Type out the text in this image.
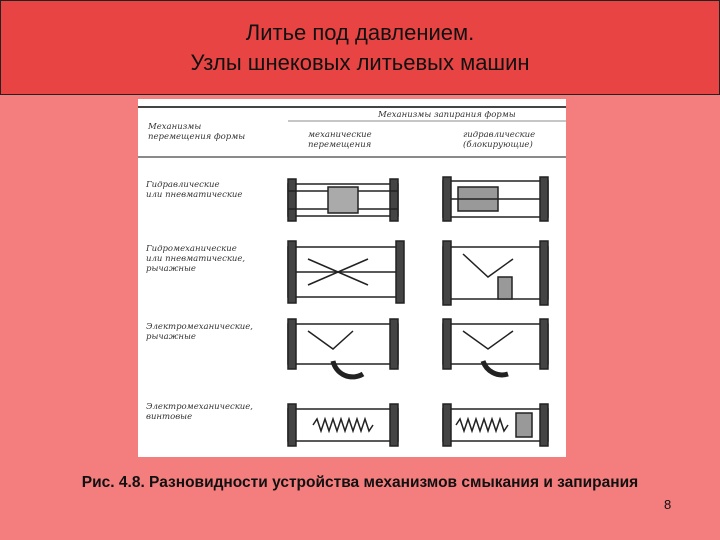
Литье под давлением.
Узлы шнековых литьевых машин
Механизмы запирания формы
Механизмы перемещения формы	механические перемещения
гидравлические (блокирующие)
Гидравлические или пневматические
Гидромеханические или пневматические, рычажные
Электромеханические, рычажные
Электромеханические, винтовые
Рис. 4.8. Разновидности устройства механизмов смыкания и запирания
8
